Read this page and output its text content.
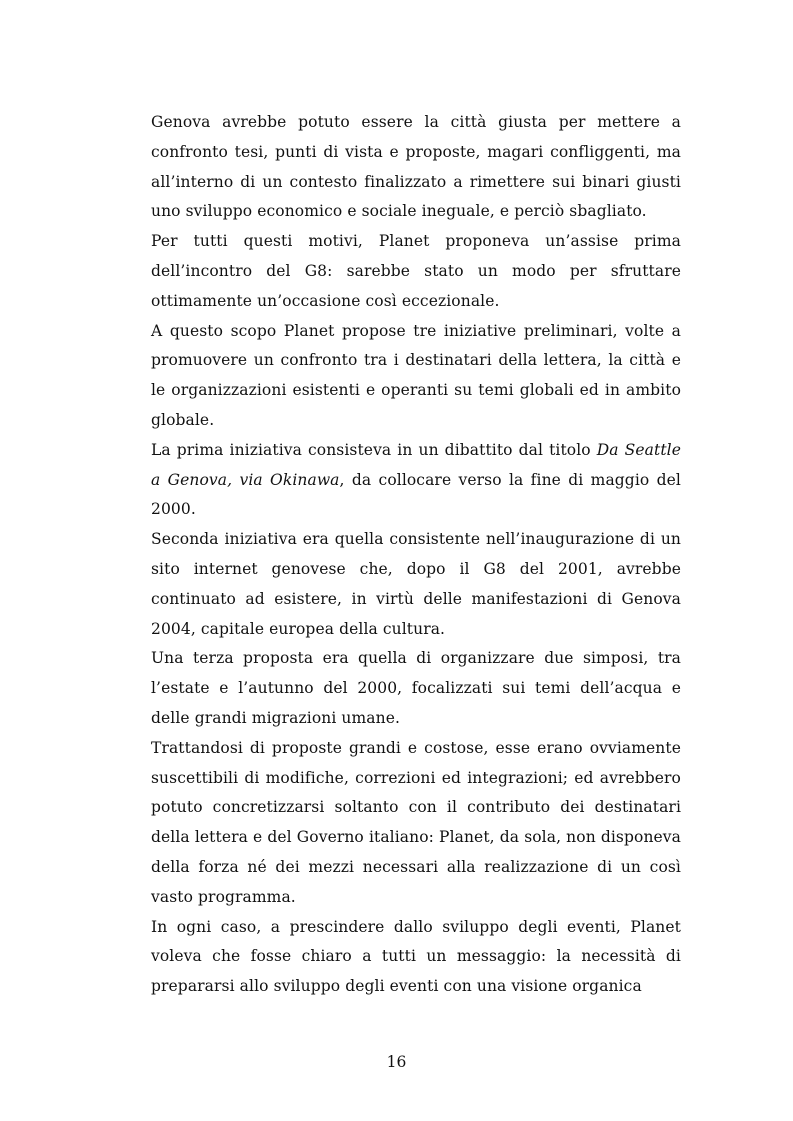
Genova avrebbe potuto essere la città giusta per mettere a confronto tesi, punti di vista e proposte, magari confliggenti, ma all’interno di un contesto finalizzato a rimettere sui binari giusti uno sviluppo economico e sociale ineguale, e perciò sbagliato.

Per tutti questi motivi, Planet proponeva un’assise prima dell’incontro del G8: sarebbe stato un modo per sfruttare ottimamente un’occasione così eccezionale.

A questo scopo Planet propose tre iniziative preliminari, volte a promuovere un confronto tra i destinatari della lettera, la città e le organizzazioni esistenti e operanti su temi globali ed in ambito globale.

La prima iniziativa consisteva in un dibattito dal titolo Da Seattle a Genova, via Okinawa, da collocare verso la fine di maggio del 2000.

Seconda iniziativa era quella consistente nell’inaugurazione di un sito internet genovese che, dopo il G8 del 2001, avrebbe continuato ad esistere, in virtù delle manifestazioni di Genova 2004, capitale europea della cultura.

Una terza proposta era quella di organizzare due simposi, tra l’estate e l’autunno del 2000, focalizzati sui temi dell’acqua e delle grandi migrazioni umane.

Trattandosi di proposte grandi e costose, esse erano ovviamente suscettibili di modifiche, correzioni ed integrazioni; ed avrebbero potuto concretizzarsi soltanto con il contributo dei destinatari della lettera e del Governo italiano: Planet, da sola, non disponeva della forza né dei mezzi necessari alla realizzazione di un così vasto programma.

In ogni caso, a prescindere dallo sviluppo degli eventi, Planet voleva che fosse chiaro a tutti un messaggio: la necessità di prepararsi allo sviluppo degli eventi con una visione organica

16
